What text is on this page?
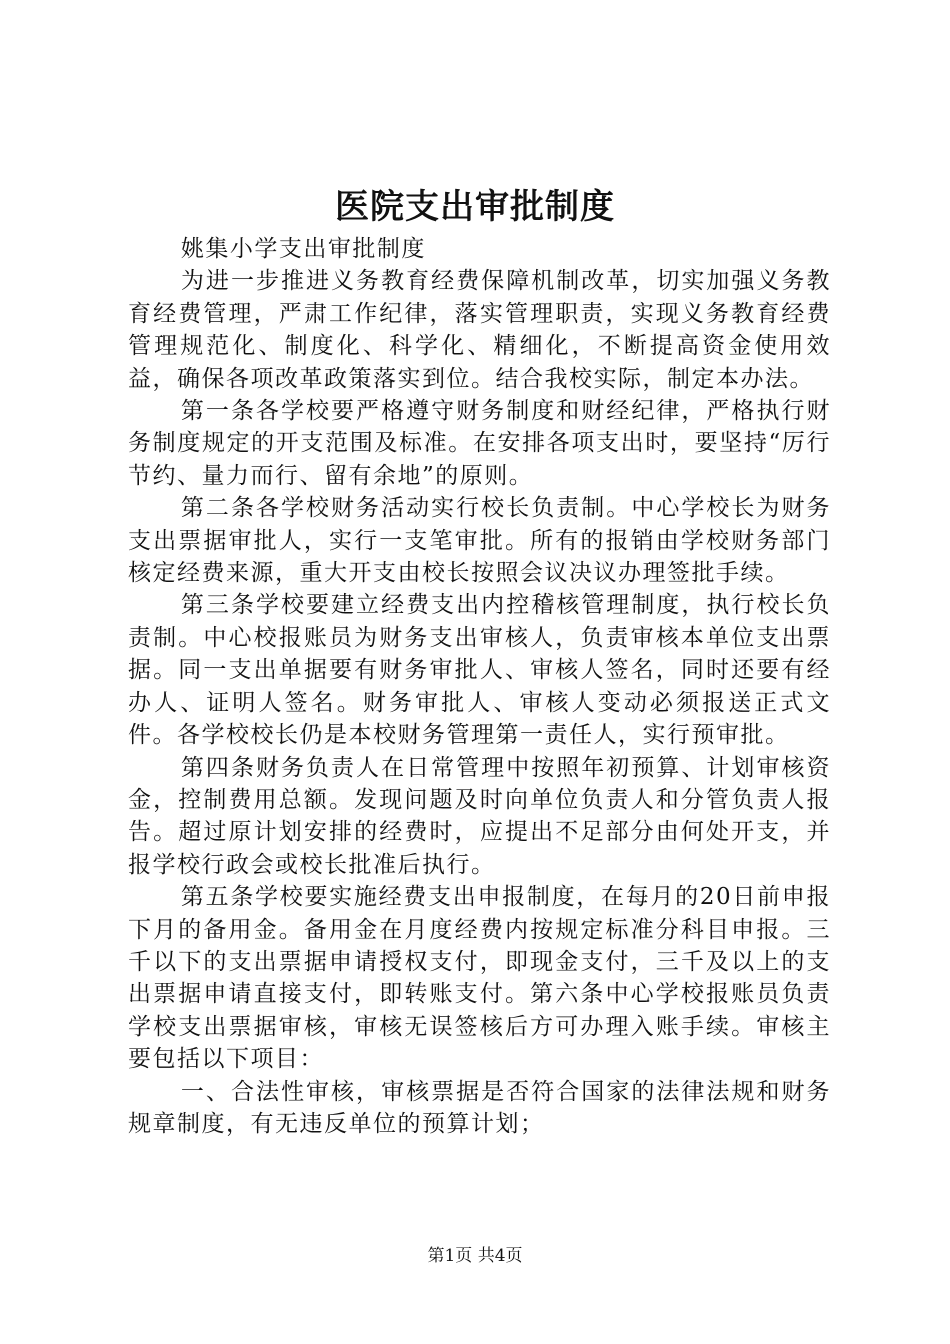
医院支出审批制度

姚集小学支出审批制度

为进一步推进义务教育经费保障机制改革，切实加强义务教育经费管理，严肃工作纪律，落实管理职责，实现义务教育经费管理规范化、制度化、科学化、精细化，不断提高资金使用效益，确保各项改革政策落实到位。结合我校实际，制定本办法。

第一条各学校要严格遵守财务制度和财经纪律，严格执行财务制度规定的开支范围及标准。在安排各项支出时，要坚持“厉行节约、量力而行、留有余地”的原则。

第二条各学校财务活动实行校长负责制。中心学校长为财务支出票据审批人，实行一支笔审批。所有的报销由学校财务部门核定经费来源，重大开支由校长按照会议决议办理签批手续。

第三条学校要建立经费支出内控稽核管理制度，执行校长负责制。中心校报账员为财务支出审核人，负责审核本单位支出票据。同一支出单据要有财务审批人、审核人签名，同时还要有经办人、证明人签名。财务审批人、审核人变动必须报送正式文件。各学校校长仍是本校财务管理第一责任人，实行预审批。

第四条财务负责人在日常管理中按照年初预算、计划审核资金，控制费用总额。发现问题及时向单位负责人和分管负责人报告。超过原计划安排的经费时，应提出不足部分由何处开支，并报学校行政会或校长批准后执行。

第五条学校要实施经费支出申报制度，在每月的20日前申报下月的备用金。备用金在月度经费内按规定标准分科目申报。三千以下的支出票据申请授权支付，即现金支付，三千及以上的支出票据申请直接支付，即转账支付。第六条中心学校报账员负责学校支出票据审核，审核无误签核后方可办理入账手续。审核主要包括以下项目：

一、合法性审核，审核票据是否符合国家的法律法规和财务规章制度，有无违反单位的预算计划；

第1页 共4页
